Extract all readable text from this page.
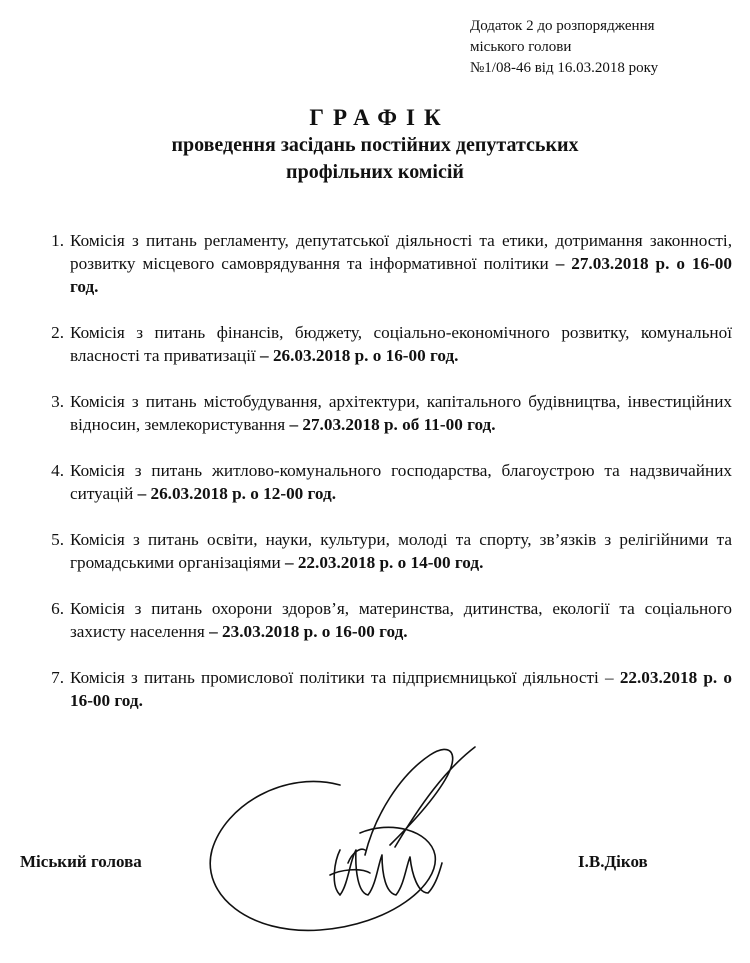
Додаток 2 до розпорядження
міського голови
№1/08-46 від 16.03.2018 року
ГРАФІК
проведення засідань постійних депутатських
профільних комісій
1. Комісія з питань регламенту, депутатської діяльності та етики, дотримання законності, розвитку місцевого самоврядування та інформативної політики – 27.03.2018 р. о 16-00 год.
2. Комісія з питань фінансів, бюджету, соціально-економічного розвитку, комунальної власності та приватизації – 26.03.2018 р. о 16-00 год.
3. Комісія з питань містобудування, архітектури, капітального будівництва, інвестиційних відносин, землекористування – 27.03.2018 р. об 11-00 год.
4. Комісія з питань житлово-комунального господарства, благоустрою та надзвичайних ситуацій – 26.03.2018 р. о 12-00 год.
5. Комісія з питань освіти, науки, культури, молоді та спорту, зв’язків з релігійними та громадськими організаціями – 22.03.2018 р. о 14-00 год.
6. Комісія з питань охорони здоров’я, материнства, дитинства, екології та соціального захисту населення – 23.03.2018 р. о 16-00 год.
7. Комісія з питань промислової політики та підприємницької діяльності – 22.03.2018 р. о 16-00 год.
Міський голова	І.В.Діков
